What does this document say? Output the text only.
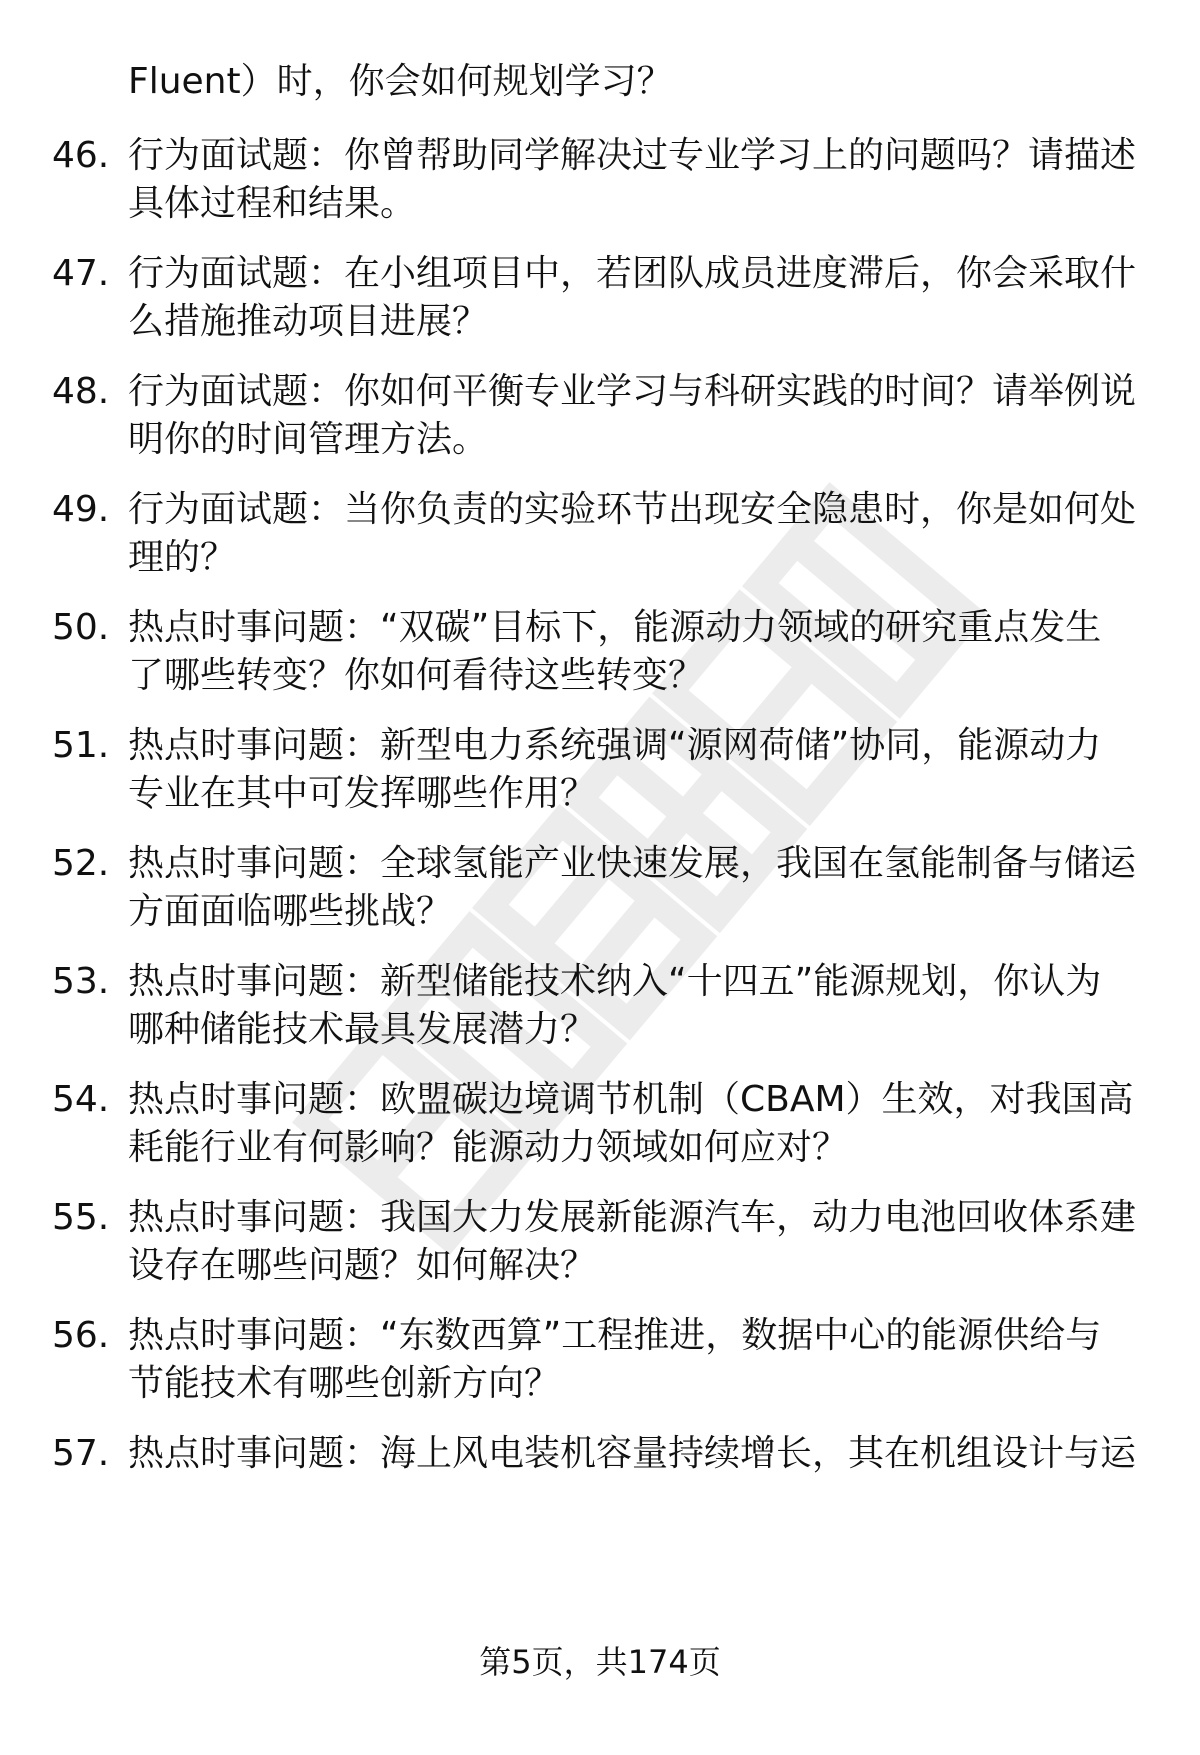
Fluent）时，你会如何规划学习？
46. 行为面试题：你曾帮助同学解决过专业学习上的问题吗？请描述
具体过程和结果。
47. 行为面试题：在小组项目中，若团队成员进度滞后，你会采取什
么措施推动项目进展？
48. 行为面试题：你如何平衡专业学习与科研实践的时间？请举例说
明你的时间管理方法。
49. 行为面试题：当你负责的实验环节出现安全隐患时，你是如何处
理的？
50. 热点时事问题：“双碳”目标下，能源动力领域的研究重点发生
了哪些转变？你如何看待这些转变？
51. 热点时事问题：新型电力系统强调“源网荷储”协同，能源动力
专业在其中可发挥哪些作用？
52. 热点时事问题：全球氢能产业快速发展，我国在氢能制备与储运
方面面临哪些挑战？
53. 热点时事问题：新型储能技术纳入“十四五”能源规划，你认为
哪种储能技术最具发展潜力？
54. 热点时事问题：欧盟碳边境调节机制（CBAM）生效，对我国高
耗能行业有何影响？能源动力领域如何应对？
55. 热点时事问题：我国大力发展新能源汽车，动力电池回收体系建
设存在哪些问题？如何解决？
56. 热点时事问题：“东数西算”工程推进，数据中心的能源供给与
节能技术有哪些创新方向？
57. 热点时事问题：海上风电装机容量持续增长，其在机组设计与运
第5页，共174页
